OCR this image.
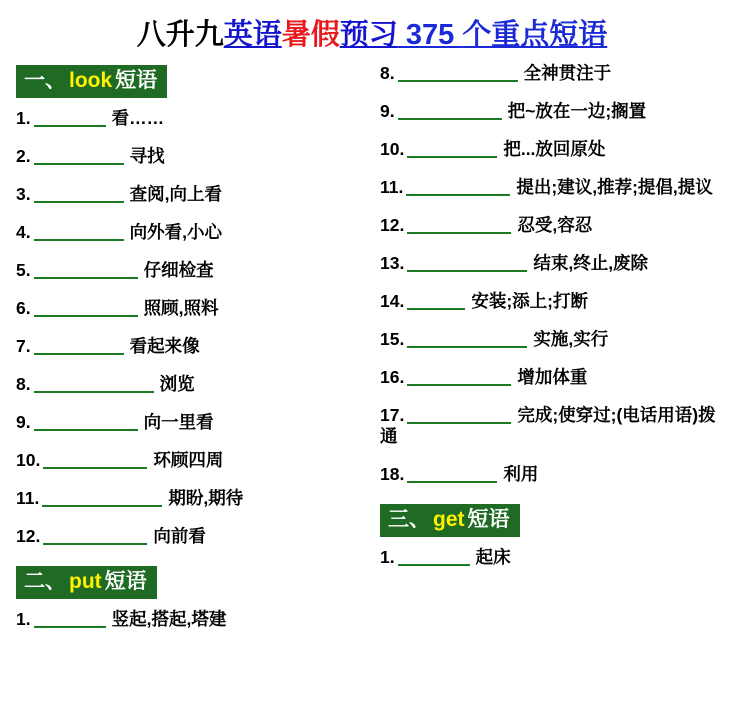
八升九英语暑假预习 375 个重点短语
一、 look 短语
1.	看……
2.	寻找
3.	查阅,向上看
4.	向外看,小心
5.	仔细检查
6.	照顾,照料
7.	看起来像
8.	浏览
9.	向一里看
10.	环顾四周
11.	期盼,期待
12.	向前看
二、 put 短语
1.	竖起,搭起,塔建
8.	全神贯注于
9.	把~放在一边;搁置
10.	把...放回原处
11.	提出;建议,推荐;提倡,提议
12.	忍受,容忍
13.	结束,终止,废除
14.	安装;添上;打断
15.	实施,实行
16.	增加体重
17.	完成;使穿过;(电话用语)拨通
18.	利用
三、 get 短语
1.	起床
